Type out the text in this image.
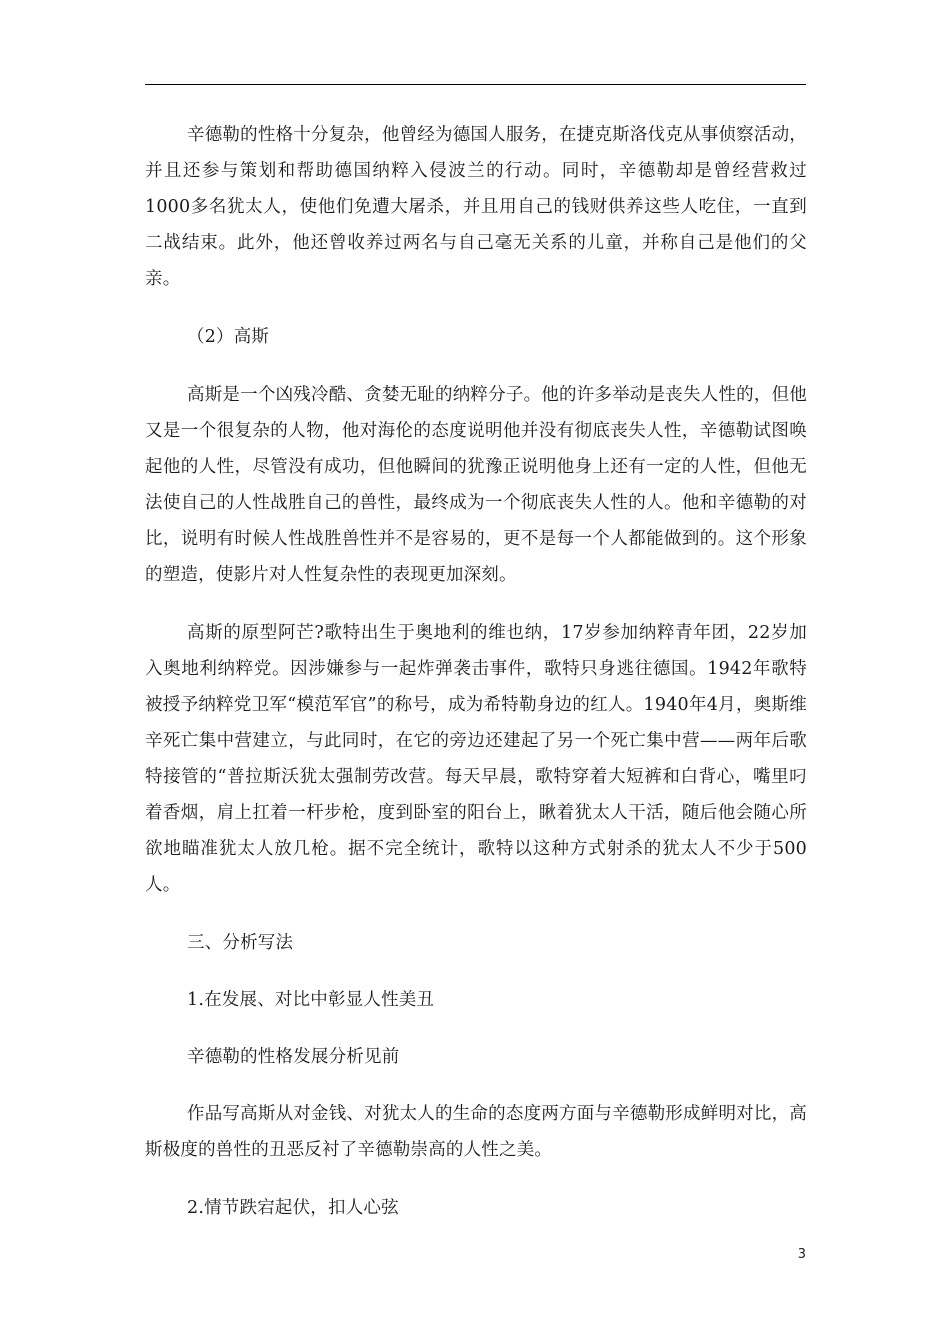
辛德勒的性格十分复杂，他曾经为德国人服务，在捷克斯洛伐克从事侦察活动，并且还参与策划和帮助德国纳粹入侵波兰的行动。同时，辛德勒却是曾经营救过1000多名犹太人，使他们免遭大屠杀，并且用自己的钱财供养这些人吃住，一直到二战结束。此外，他还曾收养过两名与自己毫无关系的儿童，并称自己是他们的父亲。

（2）高斯

高斯是一个凶残冷酷、贪婪无耻的纳粹分子。他的许多举动是丧失人性的，但他又是一个很复杂的人物，他对海伦的态度说明他并没有彻底丧失人性，辛德勒试图唤起他的人性，尽管没有成功，但他瞬间的犹豫正说明他身上还有一定的人性，但他无法使自己的人性战胜自己的兽性，最终成为一个彻底丧失人性的人。他和辛德勒的对比，说明有时候人性战胜兽性并不是容易的，更不是每一个人都能做到的。这个形象的塑造，使影片对人性复杂性的表现更加深刻。

高斯的原型阿芒?歌特出生于奥地利的维也纳，17岁参加纳粹青年团，22岁加入奥地利纳粹党。因涉嫌参与一起炸弹袭击事件，歌特只身逃往德国。1942年歌特被授予纳粹党卫军“模范军官”的称号，成为希特勒身边的红人。1940年4月，奥斯维辛死亡集中营建立，与此同时，在它的旁边还建起了另一个死亡集中营——两年后歌特接管的“普拉斯沃犹太强制劳改营。每天早晨，歌特穿着大短裤和白背心，嘴里叼着香烟，肩上扛着一杆步枪，度到卧室的阳台上，瞅着犹太人干活，随后他会随心所欲地瞄准犹太人放几枪。据不完全统计，歌特以这种方式射杀的犹太人不少于500人。

三、分析写法

1.在发展、对比中彰显人性美丑

辛德勒的性格发展分析见前

作品写高斯从对金钱、对犹太人的生命的态度两方面与辛德勒形成鲜明对比，高斯极度的兽性的丑恶反衬了辛德勒崇高的人性之美。

2.情节跌宕起伏，扣人心弦

3
